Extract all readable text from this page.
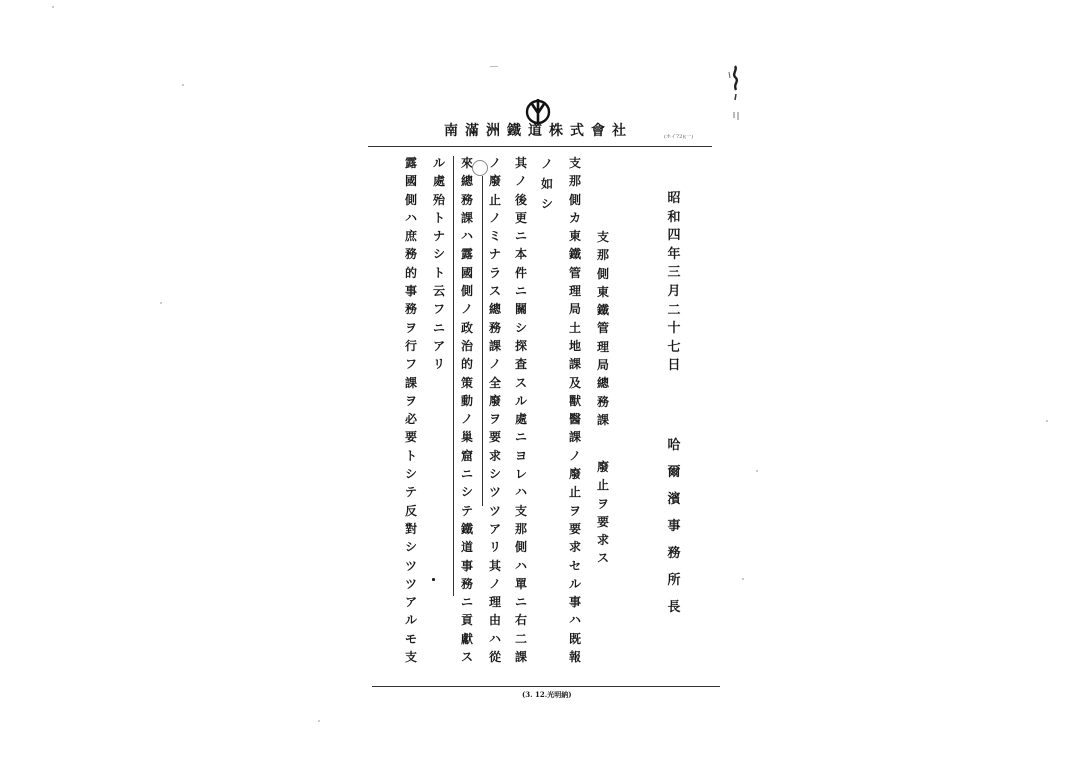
南滿洲鐵道株式會社	(ホイ72)(一)
昭和四年三月二十七日
哈爾濱事務所長
支那側東鐵管理局總務課
廢止ヲ要求ス
支那側カ東鐵管理局土地課及獸醫課ノ廢止ヲ要求セル事ハ既報
ノ如シ
其ノ後更ニ本件ニ關シ探査スル處ニヨレハ支那側ハ單ニ右二課
ノ廢止ノミナラス總務課ノ全廢ヲ要求シツツアリ其ノ理由ハ從
來總務課ハ露國側ノ政治的策動ノ巢窟ニシテ鐵道事務ニ貢獻ス
ル處殆トナシト云フニアリ
露國側ハ庶務的事務ヲ行フ課ヲ必要トシテ反對シツツアルモ支
(3. 12.光明納)
